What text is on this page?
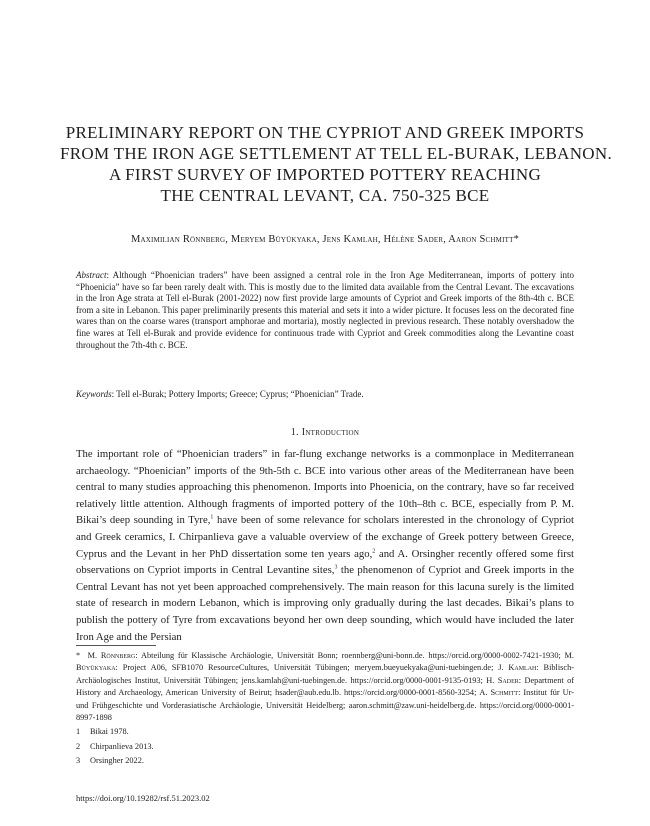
PRELIMINARY REPORT ON THE CYPRIOT AND GREEK IMPORTS
FROM THE IRON AGE SETTLEMENT AT TELL EL-BURAK, LEBANON.
A FIRST SURVEY OF IMPORTED POTTERY REACHING
THE CENTRAL LEVANT, CA. 750-325 BCE
Maximilian Rönnberg, Meryem Büyükyaka, Jens Kamlah, Hélène Sader, Aaron Schmitt*
Abstract: Although “Phoenician traders” have been assigned a central role in the Iron Age Mediterranean, imports of pottery into “Phoenicia” have so far been rarely dealt with. This is mostly due to the limited data available from the Central Levant. The excavations in the Iron Age strata at Tell el-Burak (2001-2022) now first provide large amounts of Cypriot and Greek imports of the 8th-4th c. BCE from a site in Lebanon. This paper preliminarily presents this material and sets it into a wider picture. It focuses less on the decorated fine wares than on the coarse wares (transport amphorae and mortaria), mostly neglected in previous research. These notably overshadow the fine wares at Tell el-Burak and provide evidence for continuous trade with Cypriot and Greek commodities along the Levantine coast throughout the 7th-4th c. BCE.
Keywords: Tell el-Burak; Pottery Imports; Greece; Cyprus; “Phoenician” Trade.
1. Introduction
The important role of “Phoenician traders” in far-flung exchange networks is a commonplace in Mediterranean archaeology. “Phoenician” imports of the 9th-5th c. BCE into various other areas of the Mediterranean have been central to many studies approaching this phenomenon. Imports into Phoenicia, on the contrary, have so far received relatively little attention. Although fragments of imported pottery of the 10th–8th c. BCE, especially from P. M. Bikai’s deep sounding in Tyre,$^1$ have been of some relevance for scholars interested in the chronology of Cypriot and Greek ceramics, I. Chirpanlieva gave a valuable overview of the exchange of Greek pottery between Greece, Cyprus and the Levant in her PhD dissertation some ten years ago,$^2$ and A. Orsingher recently offered some first observations on Cypriot imports in Central Levantine sites,$^3$ the phenomenon of Cypriot and Greek imports in the Central Levant has not yet been approached comprehensively. The main reason for this lacuna surely is the limited state of research in modern Lebanon, which is improving only gradually during the last decades. Bikai’s plans to publish the pottery of Tyre from excavations beyond her own deep sounding, which would have included the later Iron Age and the Persian
* M. Rönnberg: Abteilung für Klassische Archäologie, Universität Bonn; roennberg@uni-bonn.de. https://orcid.org/0000-0002-7421-1930; M. Büyükyaka: Project A06, SFB1070 ResourceCultures, Universität Tübingen; meryem.bueyuekyaka@uni-tuebingen.de; J. Kamlah: Biblisch-Archäologisches Institut, Universität Tübingen; jens.kamlah@uni-tuebingen.de. https://orcid.org/0000-0001-9135-0193; H. Sader: Department of History and Archaeology, American University of Beirut; hsader@aub.edu.lb. https://orcid.org/0000-0001-8560-3254; A. Schmitt: Institut für Ur- und Frühgeschichte und Vorderasiatische Archäologie, Universität Heidelberg; aaron.schmitt@zaw.uni-heidelberg.de. https://orcid.org/0000-0001-8997-1898
1	Bikai 1978.
2	Chirpanlieva 2013.
3	Orsingher 2022.
https://doi.org/10.19282/rsf.51.2023.02
